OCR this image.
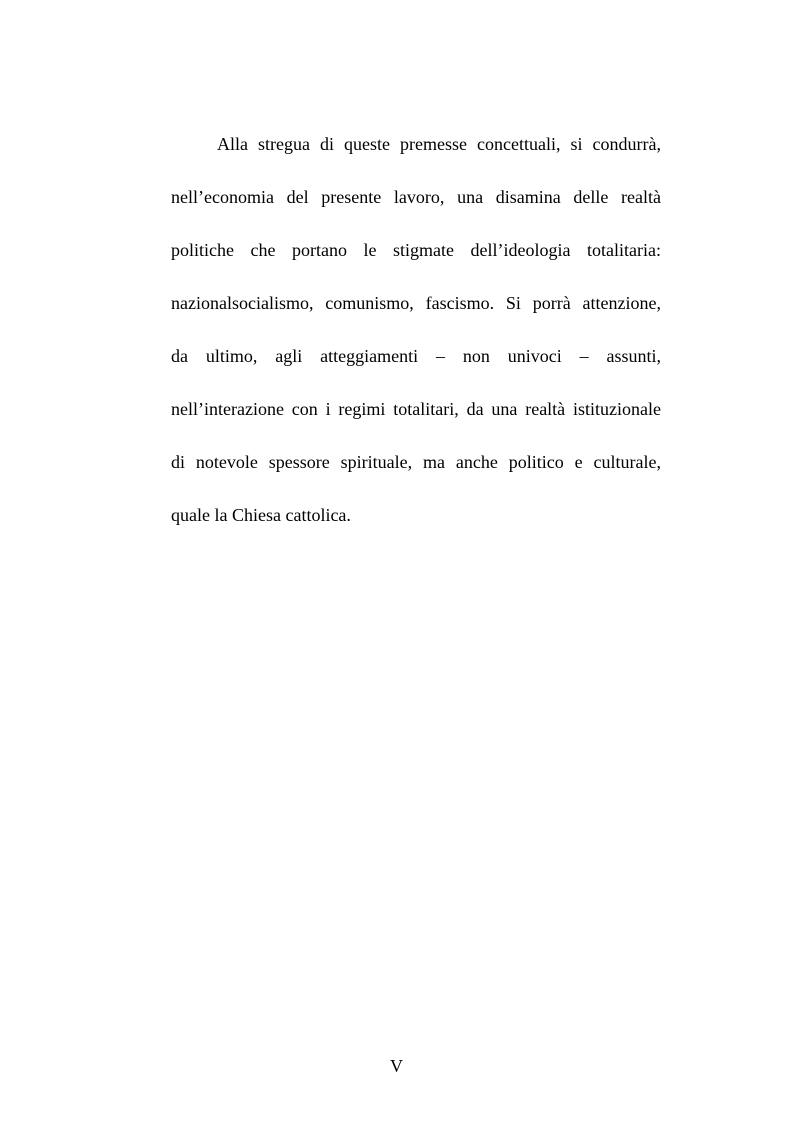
Alla stregua di queste premesse concettuali, si condurrà,
nell’economia del presente lavoro, una disamina delle realtà
politiche che portano le stigmate dell’ideologia totalitaria:
nazionalsocialismo, comunismo, fascismo. Si porrà attenzione,
da ultimo, agli atteggiamenti – non univoci – assunti,
nell’interazione con i regimi totalitari, da una realtà istituzionale
di notevole spessore spirituale, ma anche politico e culturale,
quale la Chiesa cattolica.
V
